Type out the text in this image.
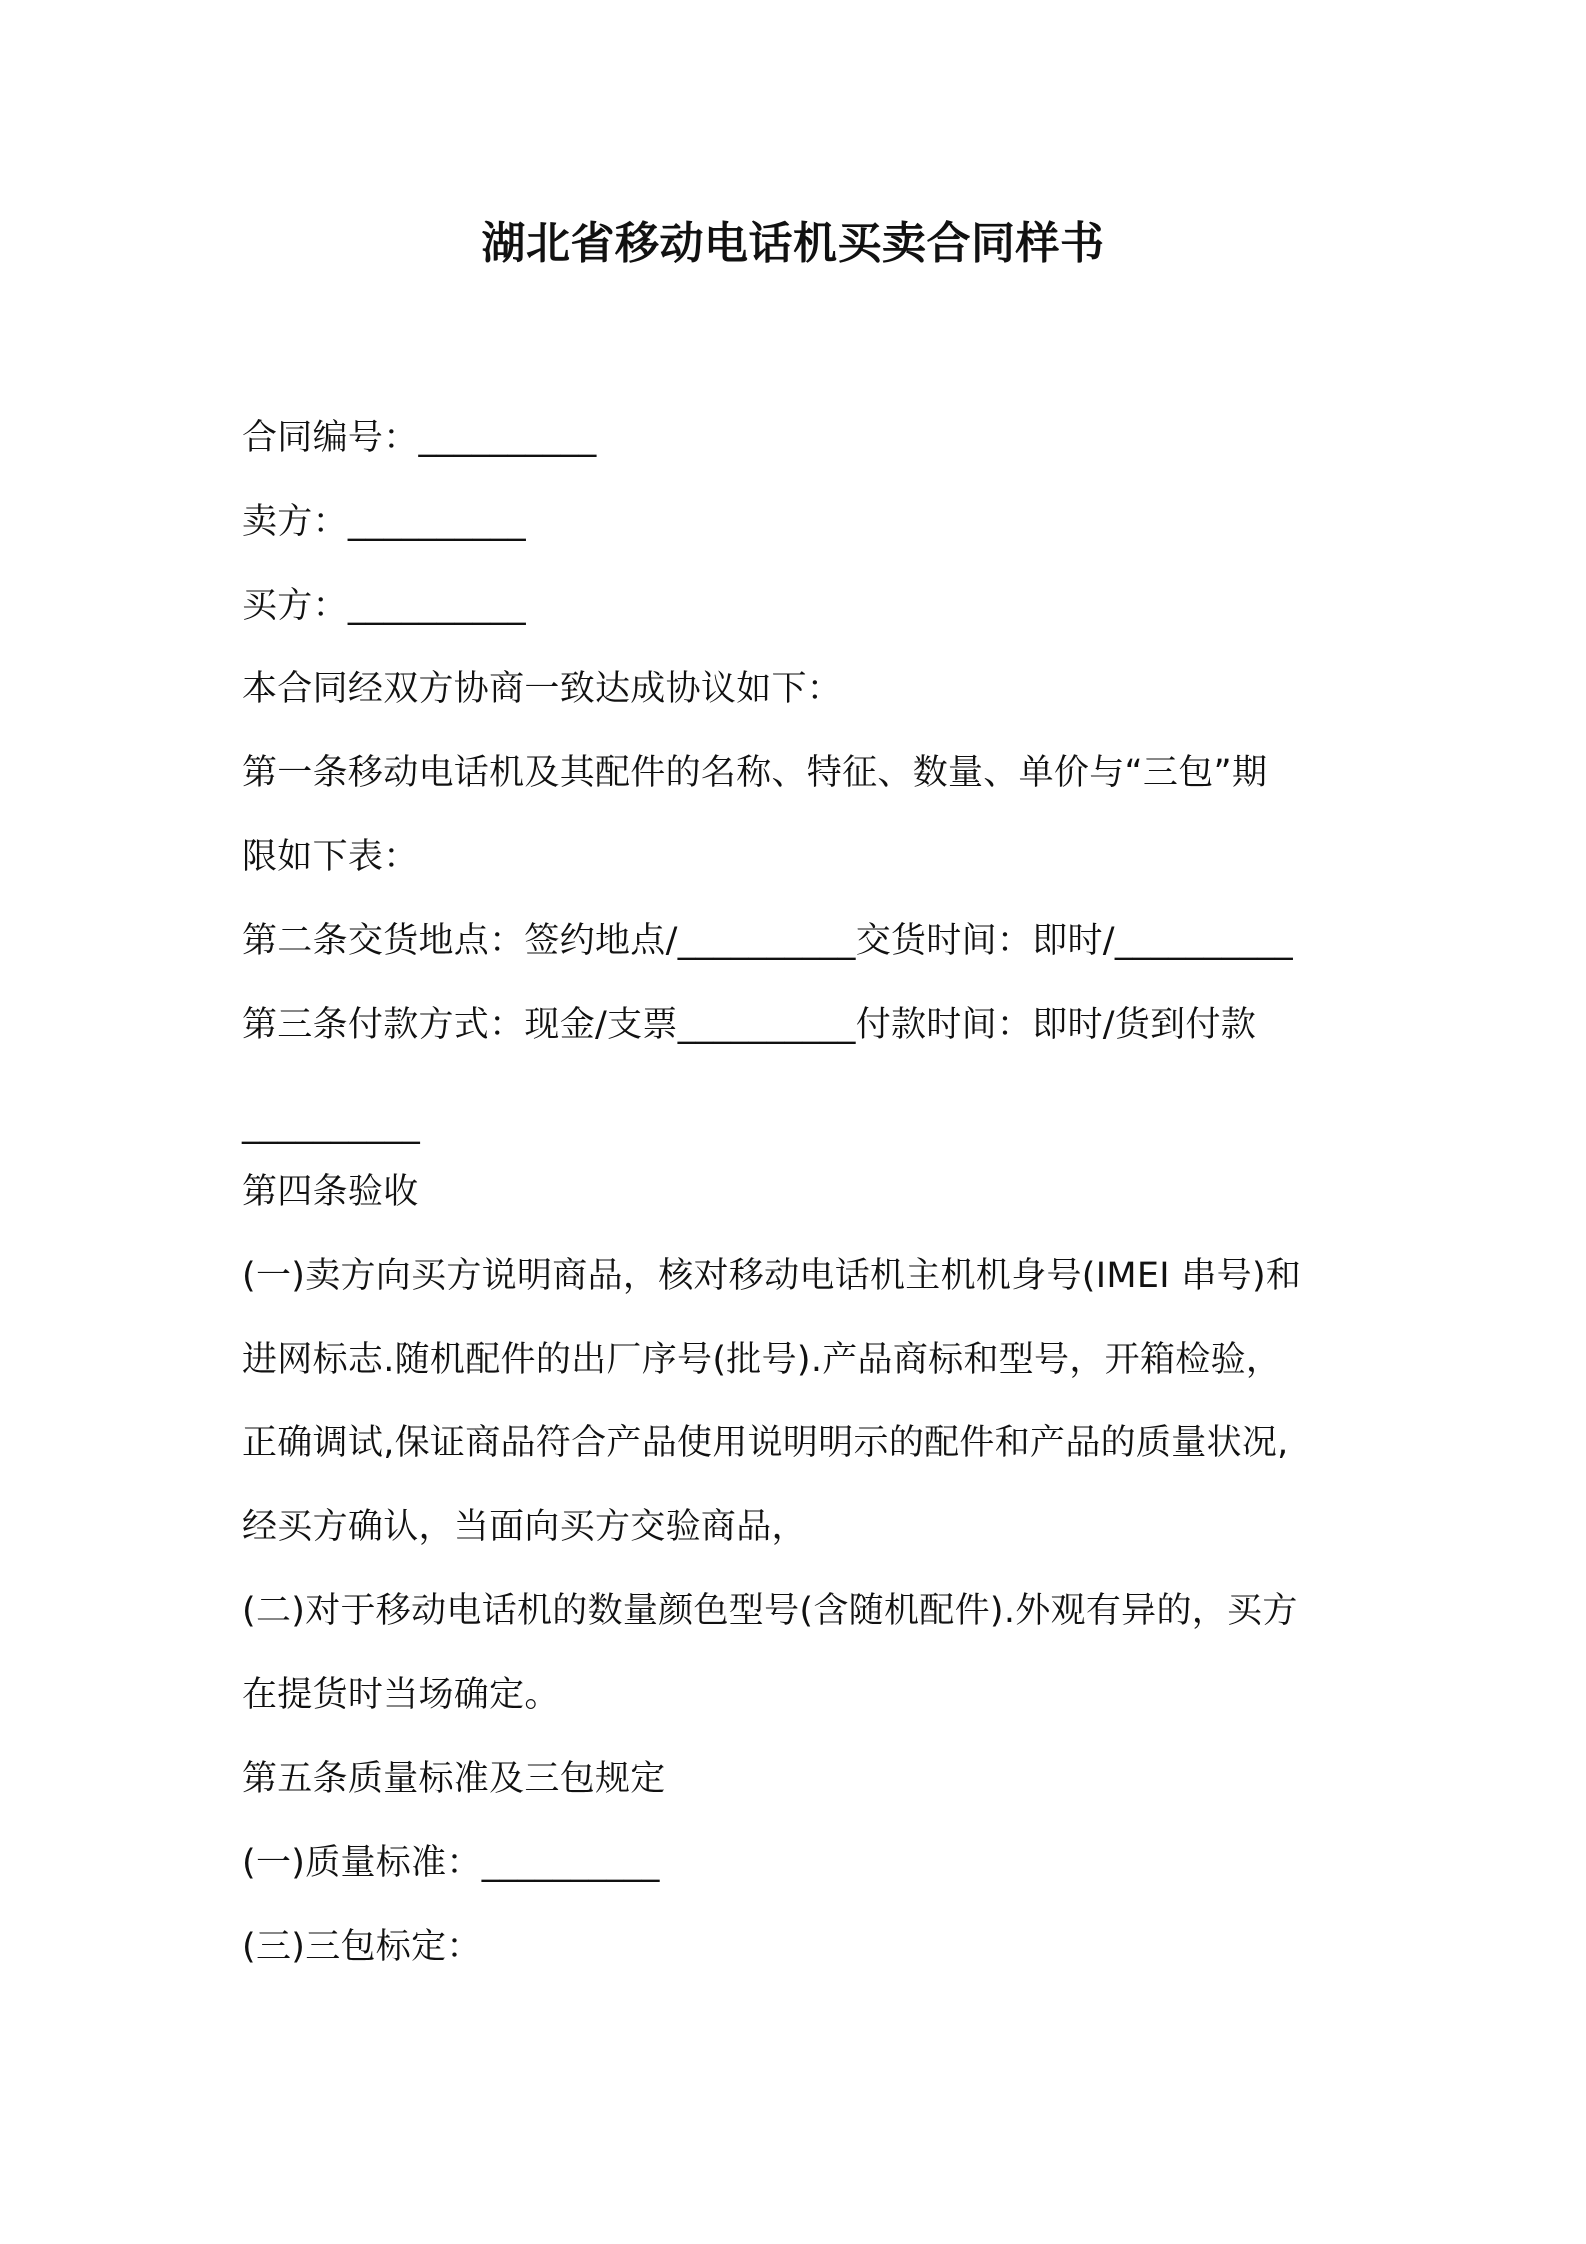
湖北省移动电话机买卖合同样书
合同编号：__________
卖方：__________
买方：__________
本合同经双方协商一致达成协议如下：
第一条移动电话机及其配件的名称、特征、数量、单价与“三包”期
限如下表：
第二条交货地点：签约地点/__________交货时间：即时/__________
第三条付款方式：现金/支票__________付款时间：即时/货到付款
__________
第四条验收
(一)卖方向买方说明商品，核对移动电话机主机机身号(IMEI 串号)和
进网标志.随机配件的出厂序号(批号).产品商标和型号，开箱检验，
正确调试,保证商品符合产品使用说明明示的配件和产品的质量状况,
经买方确认，当面向买方交验商品，
(二)对于移动电话机的数量颜色型号(含随机配件).外观有异的，买方
在提货时当场确定。
第五条质量标准及三包规定
(一)质量标准：__________
(三)三包标定：
